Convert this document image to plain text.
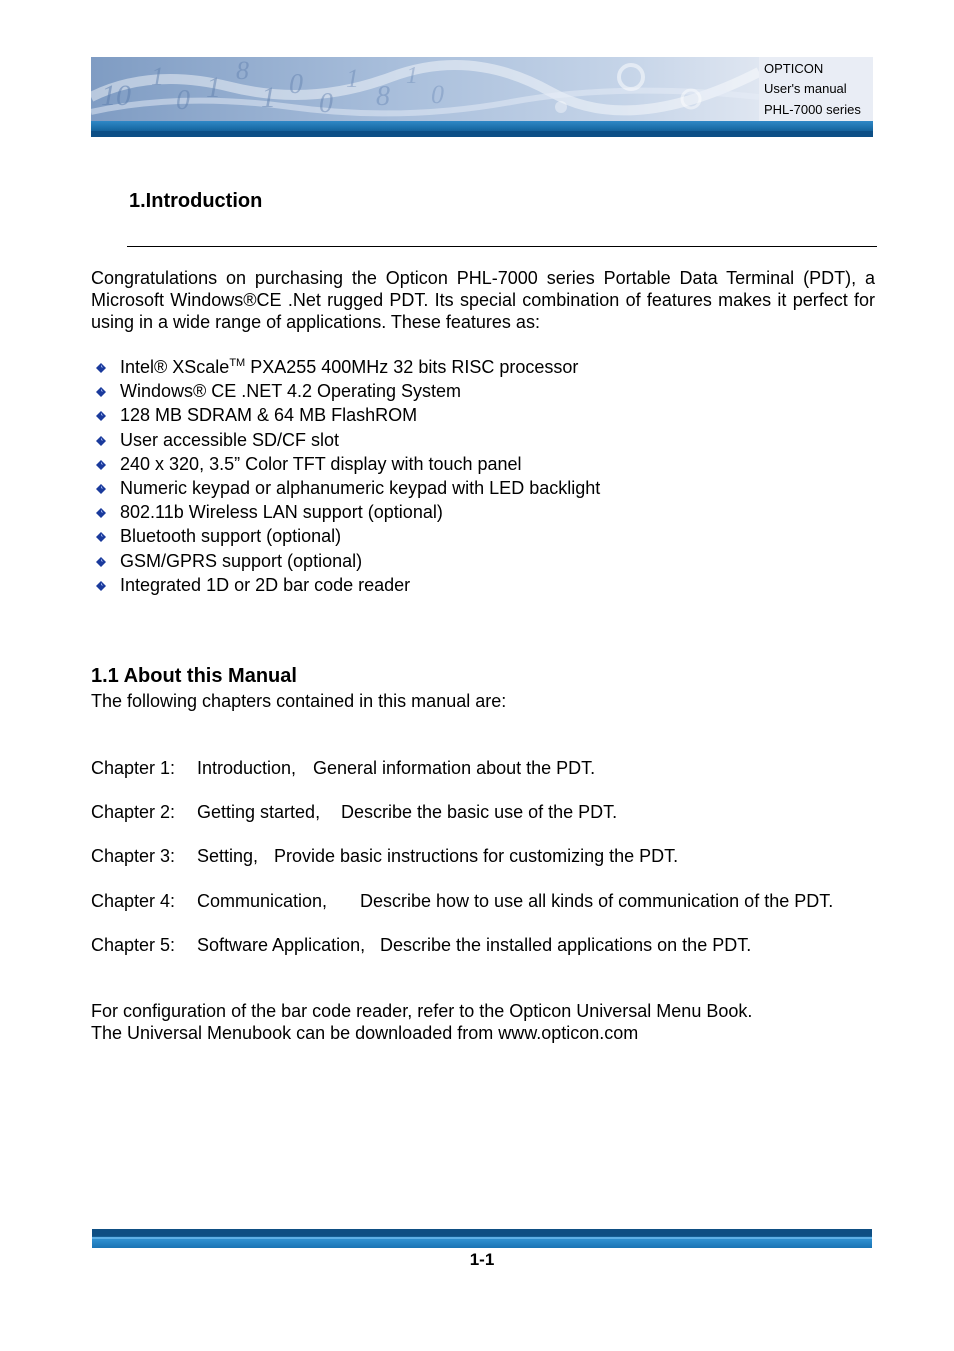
10
1
0 1
8
1 0
0
1
8
1
0
OPTICON
User's manual
PHL-7000 series
1.Introduction
Congratulations on purchasing the Opticon PHL-7000 series Portable Data Terminal (PDT), a Microsoft Windows®CE .Net rugged PDT. Its special combination of features makes it perfect for using in a wide range of applications. These features as:
Intel® XScale™ PXA255 400MHz 32 bits RISC processor
Windows® CE .NET 4.2 Operating System
128 MB SDRAM & 64 MB FlashROM
User accessible SD/CF slot
240 x 320, 3.5” Color TFT display with touch panel
Numeric keypad or alphanumeric keypad with LED backlight
802.11b Wireless LAN support (optional)
Bluetooth support (optional)
GSM/GPRS support (optional)
Integrated 1D or 2D bar code reader
1.1 About this Manual
The following chapters contained in this manual are:
Chapter 1: Introduction, General information about the PDT.
Chapter 2: Getting started, Describe the basic use of the PDT.
Chapter 3: Setting, Provide basic instructions for customizing the PDT.
Chapter 4: Communication, Describe how to use all kinds of communication of the PDT.
Chapter 5: Software Application, Describe the installed applications on the PDT.
For configuration of the bar code reader, refer to the Opticon Universal Menu Book.
The Universal Menubook can be downloaded from www.opticon.com
1-1
